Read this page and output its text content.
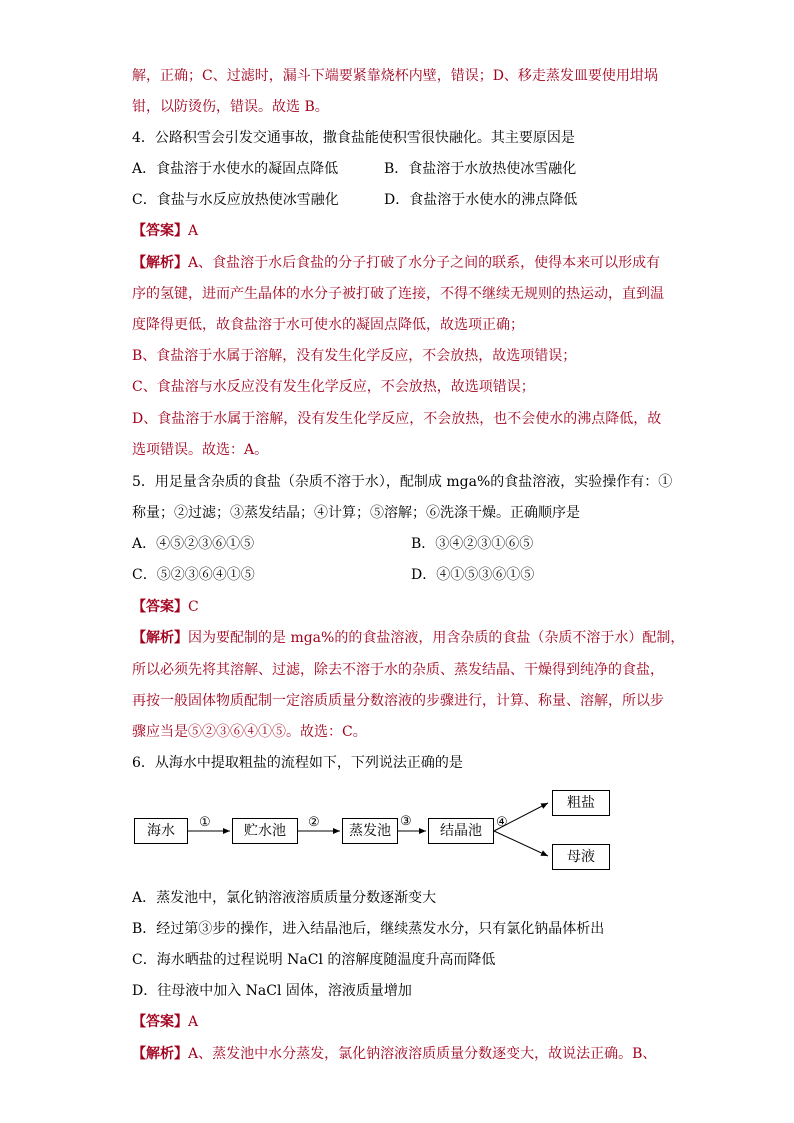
解，正确；C、过滤时，漏斗下端要紧靠烧杯内壁，错误；D、移走蒸发皿要使用坩埚
钳，以防烫伤，错误。故选 B。
4．公路积雪会引发交通事故，撒食盐能使积雪很快融化。其主要原因是
A．食盐溶于水使水的凝固点降低	B．食盐溶于水放热使冰雪融化
C．食盐与水反应放热使冰雪融化	D．食盐溶于水使水的沸点降低
【答案】A
【解析】A、食盐溶于水后食盐的分子打破了水分子之间的联系，使得本来可以形成有
序的氢键，进而产生晶体的水分子被打破了连接，不得不继续无规则的热运动，直到温
度降得更低，故食盐溶于水可使水的凝固点降低，故选项正确；
B、食盐溶于水属于溶解，没有发生化学反应，不会放热，故选项错误；
C、食盐溶与水反应没有发生化学反应，不会放热，故选项错误；
D、食盐溶于水属于溶解，没有发生化学反应，不会放热，也不会使水的沸点降低，故
选项错误。故选：A。
5．用足量含杂质的食盐（杂质不溶于水），配制成 mga%的食盐溶液，实验操作有：①
称量；②过滤；③蒸发结晶；④计算；⑤溶解；⑥洗涤干燥。正确顺序是
A．④⑤②③⑥①⑤	B．③④②③①⑥⑤
C．⑤②③⑥④①⑤	D．④①⑤③⑥①⑤
【答案】C
【解析】因为要配制的是 mga%的的食盐溶液，用含杂质的食盐（杂质不溶于水）配制，
所以必须先将其溶解、过滤，除去不溶于水的杂质、蒸发结晶、干燥得到纯净的食盐，
再按一般固体物质配制一定溶质质量分数溶液的步骤进行，计算、称量、溶解，所以步
骤应当是⑤②③⑥④①⑤。故选：C。
6．从海水中提取粗盐的流程如下，下列说法正确的是
海水	贮水池	蒸发池	结晶池
粗盐
母液
①	②	③	④
A．蒸发池中，氯化钠溶液溶质质量分数逐渐变大
B．经过第③步的操作，进入结晶池后，继续蒸发水分，只有氯化钠晶体析出
C．海水晒盐的过程说明 NaCl 的溶解度随温度升高而降低
D．往母液中加入 NaCl 固体，溶液质量增加
【答案】A
【解析】A、蒸发池中水分蒸发，氯化钠溶液溶质质量分数逐变大，故说法正确。B、
